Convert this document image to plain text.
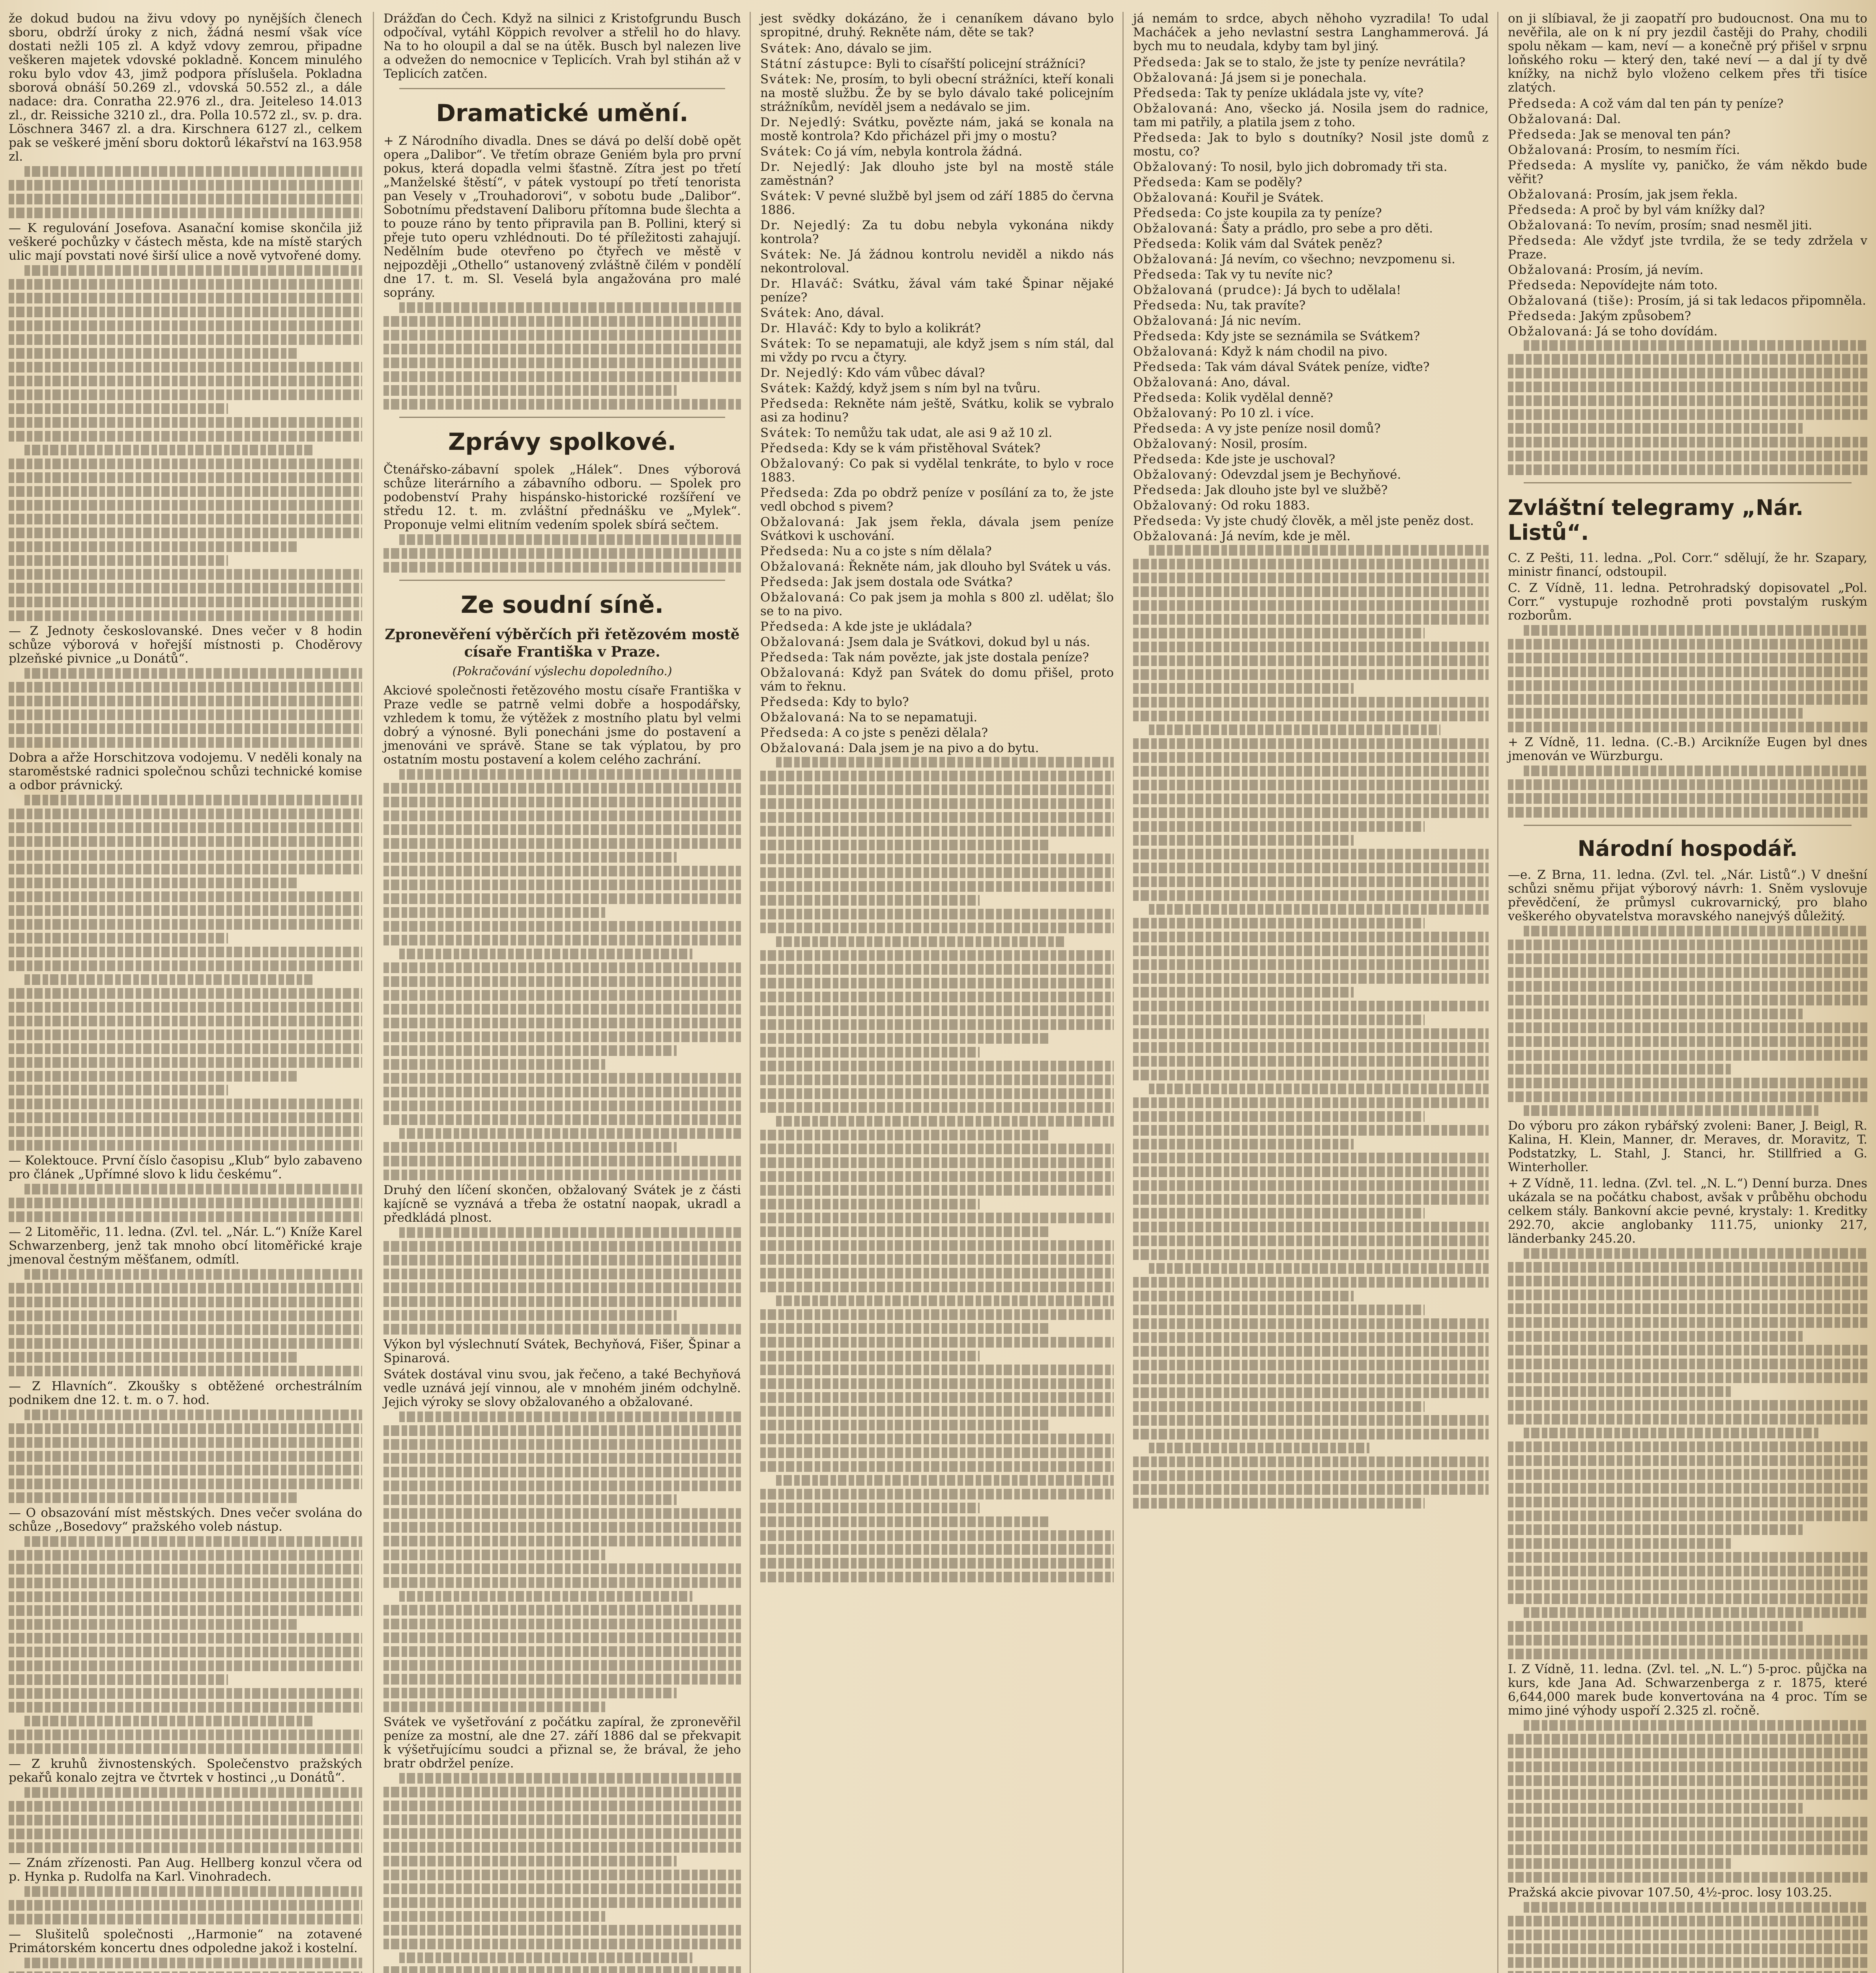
že dokud budou na živu vdovy po nynějších členech sboru, obdrží úroky z nich, žádná nesmí však více dostati nežli 105 zl. A když vdovy zemrou, připadne veškeren majetek vdovské pokladně. Koncem minulého roku bylo vdov 43, jimž podpora příslušela. Pokladna sborová obnáší 50.269 zl., vdovská 50.552 zl., a dále nadace: dra. Conratha 22.976 zl., dra. Jeiteleso 14.013 zl., dr. Reissiche 3210 zl., dra. Polla 10.572 zl., sv. p. dra. Löschnera 3467 zl. a dra. Kirschnera 6127 zl., celkem pak se veškeré jmění sboru doktorů lékařství na 163.958 zl.

— K regulování Josefova. Asanační komise skončila již veškeré pochůzky v částech města, kde na místě starých ulic mají povstati nové širší ulice a nově vytvořené domy.

— Z Jednoty českoslovanské. Dnes večer v 8 hodin schůze výborová v hořejší místnosti p. Choděrovy plzeňské pivnice „u Donátů“.

Dobra a ařže Horschitzova vodojemu. V neděli konaly na staroměstské radnici společnou schůzi technické komise a odbor právnický.

— Kolektouce. První číslo časopisu „Klub“ bylo zabaveno pro článek „Upřímné slovo k lidu českému“.

— 2 Litoměřic, 11. ledna. (Zvl. tel. „Nár. L.“) Kníže Karel Schwarzenberg, jenž tak mnoho obcí litoměřické kraje jmenoval čestným měšťanem, odmítl.

— Z Hlavních“. Zkoušky s obtěžené orchestrálním podnikem dne 12. t. m. o 7. hod.

— O obsazování míst městských. Dnes večer svolána do schůze ,,Bosedovy“ pražského voleb nástup.

— Z kruhů živnostenských. Společenstvo pražských pekařů konalo zejtra ve čtvrtek v hostinci ,,u Donátů“.

— Znám zřízenosti. Pan Aug. Hellberg konzul včera od p. Hynka p. Rudolfa na Karl. Vinohradech.

— Slušitelů společnosti ,,Harmonie“ na zotavené Primátorském koncertu dnes odpoledne jakož i kostelní.

Drážďan do Čech. Když na silnici z Kristofgrundu Busch odpočíval, vytáhl Köppich revolver a střelil ho do hlavy. Na to ho oloupil a dal se na útěk. Busch byl nalezen live a odvežen do nemocnice v Teplicích. Vrah byl stihán až v Teplicích zatčen.

Dramatické umění.

+ Z Národního divadla. Dnes se dává po delší době opět opera „Dalibor“. Ve třetím obraze Geniém byla pro první pokus, která dopadla velmi šťastně. Zítra jest po třetí „Manželské štěstí“, v pátek vystoupí po třetí tenorista pan Vesely v „Trouhadorovi“, v sobotu bude „Dalibor“. Sobotnímu představení Daliboru přítomna bude šlechta a to pouze ráno by tento připravila pan B. Pollini, který si přeje tuto operu vzhlédnouti. Do té příležitosti zahajují. Nedělním bude otevřeno po čtyřech ve městě v nejpozději „Othello“ ustanovený zvláštně čilém v pondělí dne 17. t. m. Sl. Veselá byla angažována pro malé soprány.

Zprávy spolkové.

Čtenářsko-zábavní spolek „Hálek“. Dnes výborová schůze literárního a zábavního odboru. — Spolek pro podobenství Prahy hispánsko-historické rozšíření ve středu 12. t. m. zvláštní přednášku ve „Mylek“. Proponuje velmi elitním vedením spolek sbírá sečtem.

Ze soudní síně.
Zpronevěření výběrčích při řetězovém mostě císaře Františka v Praze.
(Pokračování výslechu dopoledního.)

Akciové společnosti řetězového mostu císaře Františka v Praze vedle se patrně velmi dobře a hospodářsky, vzhledem k tomu, že výtěžek z mostního platu byl velmi dobrý a výnosné. Byli ponecháni jsme do postavení a jmenováni ve správě. Stane se tak výplatou, by pro ostatním mostu postavení a kolem celého zachrání.

Druhý den líčení skončen, obžalovaný Svátek je z části kajícně se vyznává a třeba že ostatní naopak, ukradl a předkládá plnost.

Výkon byl výslechnutí Svátek, Bechyňová, Fišer, Špinar a Spinarová.

Svátek dostával vinu svou, jak řečeno, a také Bechyňová vedle uznává její vinnou, ale v mnohém jiném odchylně. Jejich výroky se slovy obžalovaného a obžalované.

Svátek ve vyšetřování z počátku zapíral, že zpronevěřil peníze za mostní, ale dne 27. září 1886 dal se překvapit k výšetřujícímu soudci a přiznal se, že brával, že jeho bratr obdržel peníze.

jest svědky dokázáno, že i cenaníkem dávano bylo spropitné, druhý. Rekněte nám, děte se tak?

Svátek: Ano, dávalo se jim.

Státní zástupce: Byli to císařští policejní strážníci?

Svátek: Ne, prosím, to byli obecní strážníci, kteří konali na mostě službu. Že by se bylo dávalo také policejním strážníkům, nevíděl jsem a nedávalo se jim.

Dr. Nejedlý: Svátku, povězte nám, jaká se konala na mostě kontrola? Kdo přicházel při jmy o mostu?

Svátek: Co já vím, nebyla kontrola žádná.

Dr. Nejedlý: Jak dlouho jste byl na mostě stále zaměstnán?

Svátek: V pevné službě byl jsem od září 1885 do června 1886.

Dr. Nejedlý: Za tu dobu nebyla vykonána nikdy kontrola?

Svátek: Ne. Já žádnou kontrolu neviděl a nikdo nás nekontroloval.

Dr. Hlaváč: Svátku, žával vám také Špinar nějaké peníze?

Svátek: Ano, dával.

Dr. Hlaváč: Kdy to bylo a kolikrát?

Svátek: To se nepamatuji, ale když jsem s ním stál, dal mi vždy po rvcu a čtyry.

Dr. Nejedlý: Kdo vám vůbec dával?

Svátek: Každý, když jsem s ním byl na tvůru.

Předseda: Rekněte nám ještě, Svátku, kolik se vybralo asi za hodinu?

Svátek: To nemůžu tak udat, ale asi 9 až 10 zl.

Předseda: Kdy se k vám přistěhoval Svátek?

Obžalovaný: Co pak si vydělal tenkráte, to bylo v roce 1883.

Předseda: Zda po obdrž peníze v posílání za to, že jste vedl obchod s pivem?

Obžalovaná: Jak jsem řekla, dávala jsem peníze Svátkovi k uschování.

Předseda: Nu a co jste s ním dělala?

Obžalovaná: Řekněte nám, jak dlouho byl Svátek u vás.

Předseda: Jak jsem dostala ode Svátka?

Obžalovaná: Co pak jsem ja mohla s 800 zl. udělat; šlo se to na pivo.

Předseda: A kde jste je ukládala?

Obžalovaná: Jsem dala je Svátkovi, dokud byl u nás.

Předseda: Tak nám povězte, jak jste dostala peníze?

Obžalovaná: Když pan Svátek do domu přišel, proto vám to řeknu.

Předseda: Kdy to bylo?

Obžalovaná: Na to se nepamatuji.

Předseda: A co jste s penězi dělala?

Obžalovaná: Dala jsem je na pivo a do bytu.

já nemám to srdce, abych něhoho vyzradila! To udal Macháček a jeho nevlastní sestra Langhammerová. Já bych mu to neudala, kdyby tam byl jiný.

Předseda: Jak se to stalo, že jste ty peníze nevrátila?

Obžalovaná: Já jsem si je ponechala.

Předseda: Tak ty peníze ukládala jste vy, víte?

Obžalovaná: Ano, všecko já. Nosila jsem do radnice, tam mi patřily, a platila jsem z toho.

Předseda: Jak to bylo s doutníky? Nosil jste domů z mostu, co?

Obžalovaný: To nosil, bylo jich dobromady tři sta.

Předseda: Kam se poděly?

Obžalovaná: Kouřil je Svátek.

Předseda: Co jste koupila za ty peníze?

Obžalovaná: Šaty a prádlo, pro sebe a pro děti.

Předseda: Kolik vám dal Svátek peněz?

Obžalovaná: Já nevím, co všechno; nevzpomenu si.

Předseda: Tak vy tu nevíte nic?

Obžalovaná (prudce): Já bych to udělala!

Předseda: Nu, tak pravíte?

Obžalovaná: Já nic nevím.

Předseda: Kdy jste se seznámila se Svátkem?

Obžalovaná: Když k nám chodil na pivo.

Předseda: Tak vám dával Svátek peníze, viďte?

Obžalovaná: Ano, dával.

Předseda: Kolik vydělal denně?

Obžalovaný: Po 10 zl. i více.

Předseda: A vy jste peníze nosil domů?

Obžalovaný: Nosil, prosím.

Předseda: Kde jste je uschoval?

Obžalovaný: Odevzdal jsem je Bechyňové.

Předseda: Jak dlouho jste byl ve službě?

Obžalovaný: Od roku 1883.

Předseda: Vy jste chudý člověk, a měl jste peněz dost.

Obžalovaná: Já nevím, kde je měl.

on ji slíbiaval, že ji zaopatří pro budoucnost. Ona mu to nevěřila, ale on k ní pry jezdil častěji do Prahy, chodili spolu někam — kam, neví — a konečně prý přišel v srpnu loňského roku — který den, také neví — a dal jí ty dvě knížky, na nichž bylo vloženo celkem přes tři tisíce zlatých.

Předseda: A což vám dal ten pán ty peníze?

Obžalovaná: Dal.

Předseda: Jak se menoval ten pán?

Obžalovaná: Prosím, to nesmím říci.

Předseda: A myslíte vy, paničko, že vám někdo bude věřit?

Obžalovaná: Prosím, jak jsem řekla.

Předseda: A proč by byl vám knížky dal?

Obžalovaná: To nevím, prosím; snad nesměl jiti.

Předseda: Ale vždyť jste tvrdila, že se tedy zdržela v Praze.

Obžalovaná: Prosím, já nevím.

Předseda: Nepovídejte nám toto.

Obžalovaná (tiše): Prosím, já si tak ledacos připomněla.

Předseda: Jakým způsobem?

Obžalovaná: Já se toho dovídám.

Zvláštní telegramy „Nár. Listů“.

C. Z Pešti, 11. ledna. „Pol. Corr.“ sdělují, že hr. Szapary, ministr financí, odstoupil.

C. Z Vídně, 11. ledna. Petrohradský dopisovatel „Pol. Corr.“ vystupuje rozhodně proti povstalým ruským rozborům.

+ Z Vídně, 11. ledna. (C.-B.) Arcikníže Eugen byl dnes jmenován ve Würzburgu.

Národní hospodář.

—e. Z Brna, 11. ledna. (Zvl. tel. „Nár. Listů“.) V dnešní schůzi sněmu přijat výborový návrh: 1. Sněm vyslovuje převědčení, že průmysl cukrovarnický, pro blaho veškerého obyvatelstva moravského nanejvýš důležitý.

Do výboru pro zákon rybářský zvoleni: Baner, J. Beigl, R. Kalina, H. Klein, Manner, dr. Meraves, dr. Moravitz, T. Podstatzky, L. Stahl, J. Stanci, hr. Stillfried a G. Winterholler.

+ Z Vídně, 11. ledna. (Zvl. tel. „N. L.“) Denní burza. Dnes ukázala se na počátku chabost, avšak v průběhu obchodu celkem stály. Bankovní akcie pevné, krystaly: 1. Kreditky 292.70, akcie anglobanky 111.75, unionky 217, länderbanky 245.20.

I. Z Vídně, 11. ledna. (Zvl. tel. „N. L.“) 5-proc. půjčka na kurs, kde Jana Ad. Schwarzenberga z r. 1875, které 6,644,000 marek bude konvertována na 4 proc. Tím se mimo jiné výhody uspoří 2.325 zl. ročně.

Pražská akcie pivovar 107.50, 4½-proc. losy 103.25.
